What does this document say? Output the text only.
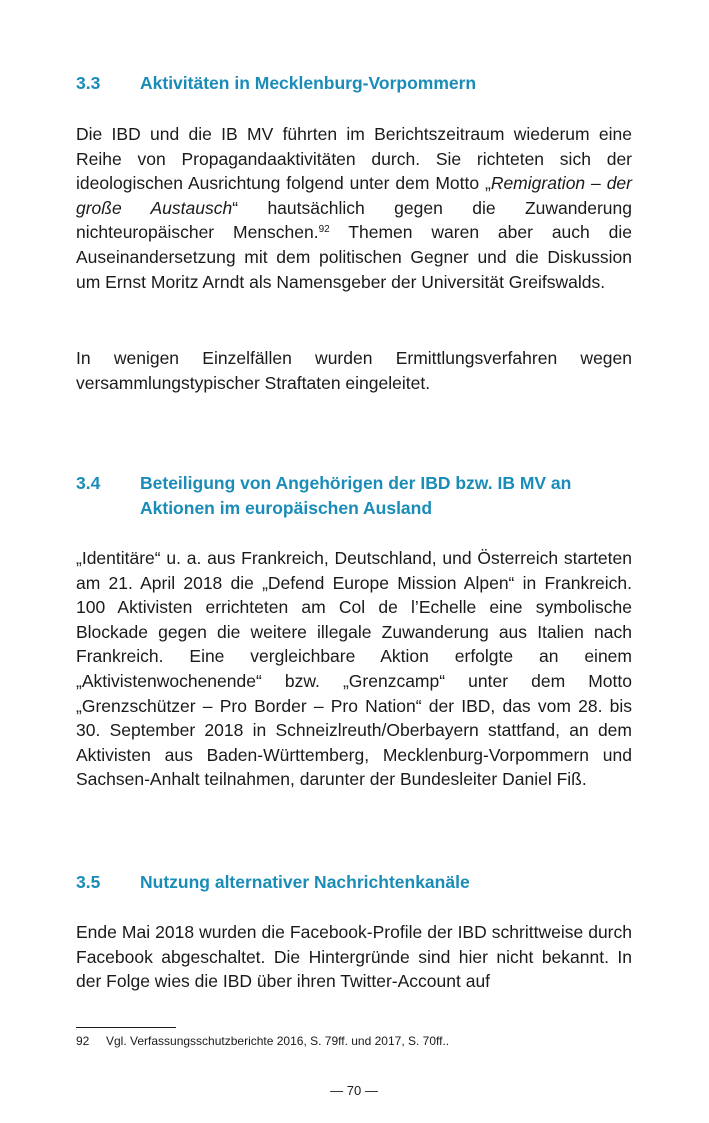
3.3	Aktivitäten in Mecklenburg-Vorpommern

Die IBD und die IB MV führten im Berichtszeitraum wiederum eine Reihe von Propagandaaktivitäten durch. Sie richteten sich der ideologischen Ausrichtung folgend unter dem Motto „Remigration – der große Austausch“ hautsächlich gegen die Zuwanderung nichteuropäischer Menschen.$^{92}$ Themen waren aber auch die Auseinandersetzung mit dem politischen Gegner und die Diskussion um Ernst Moritz Arndt als Namensgeber der Universität Greifswalds.

In wenigen Einzelfällen wurden Ermittlungsverfahren wegen versammlungstypischer Straftaten eingeleitet.

3.4	Beteiligung von Angehörigen der IBD bzw. IB MV an Aktionen im europäischen Ausland

„Identitäre“ u. a. aus Frankreich, Deutschland, und Österreich starteten am 21. April 2018 die „Defend Europe Mission Alpen“ in Frankreich. 100 Aktivisten errichteten am Col de l’Echelle eine symbolische Blockade gegen die weitere illegale Zuwanderung aus Italien nach Frankreich. Eine vergleichbare Aktion erfolgte an einem „Aktivistenwochenende“ bzw. „Grenzcamp“ unter dem Motto „Grenzschützer – Pro Border – Pro Nation“ der IBD, das vom 28. bis 30. September 2018 in Schneizlreuth/Oberbayern stattfand, an dem Aktivisten aus Baden-Württemberg, Mecklenburg-Vorpommern und Sachsen-Anhalt teilnahmen, darunter der Bundesleiter Daniel Fiß.

3.5	Nutzung alternativer Nachrichtenkanäle

Ende Mai 2018 wurden die Facebook-Profile der IBD schrittweise durch Facebook abgeschaltet. Die Hintergründe sind hier nicht bekannt. In der Folge wies die IBD über ihren Twitter-Account auf

92	Vgl. Verfassungsschutzberichte 2016, S. 79ff. und 2017, S. 70ff..
— 70 —
